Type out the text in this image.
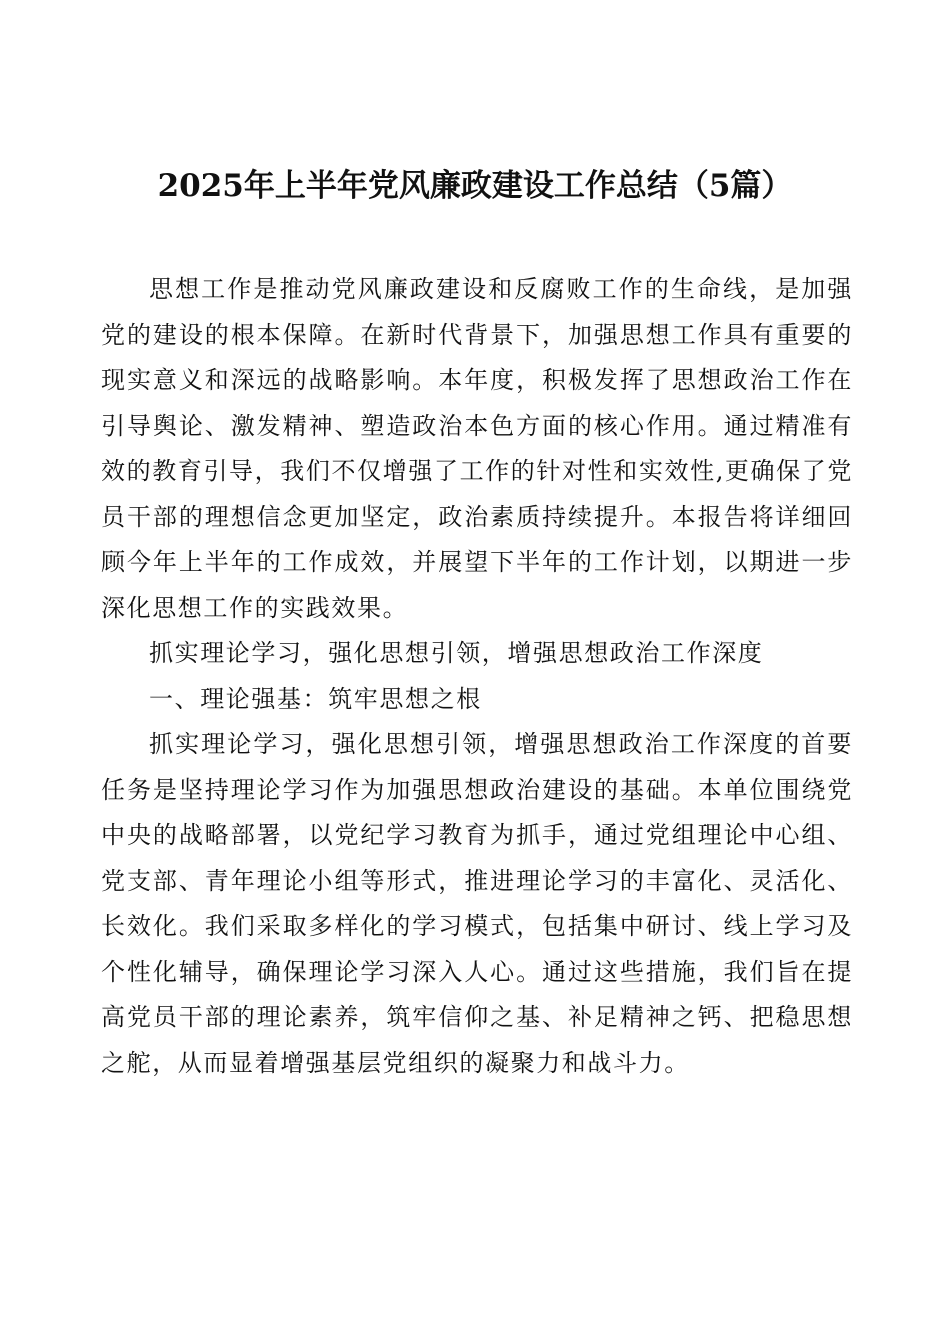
2025年上半年党风廉政建设工作总结（5篇）

思想工作是推动党风廉政建设和反腐败工作的生命线，是加强党的建设的根本保障。在新时代背景下，加强思想工作具有重要的现实意义和深远的战略影响。本年度，积极发挥了思想政治工作在引导舆论、激发精神、塑造政治本色方面的核心作用。通过精准有效的教育引导，我们不仅增强了工作的针对性和实效性,更确保了党员干部的理想信念更加坚定，政治素质持续提升。本报告将详细回顾今年上半年的工作成效，并展望下半年的工作计划，以期进一步深化思想工作的实践效果。

抓实理论学习，强化思想引领，增强思想政治工作深度

一、理论强基：筑牢思想之根

抓实理论学习，强化思想引领，增强思想政治工作深度的首要任务是坚持理论学习作为加强思想政治建设的基础。本单位围绕党中央的战略部署，以党纪学习教育为抓手，通过党组理论中心组、党支部、青年理论小组等形式，推进理论学习的丰富化、灵活化、长效化。我们采取多样化的学习模式，包括集中研讨、线上学习及个性化辅导，确保理论学习深入人心。通过这些措施，我们旨在提高党员干部的理论素养，筑牢信仰之基、补足精神之钙、把稳思想之舵，从而显着增强基层党组织的凝聚力和战斗力。
